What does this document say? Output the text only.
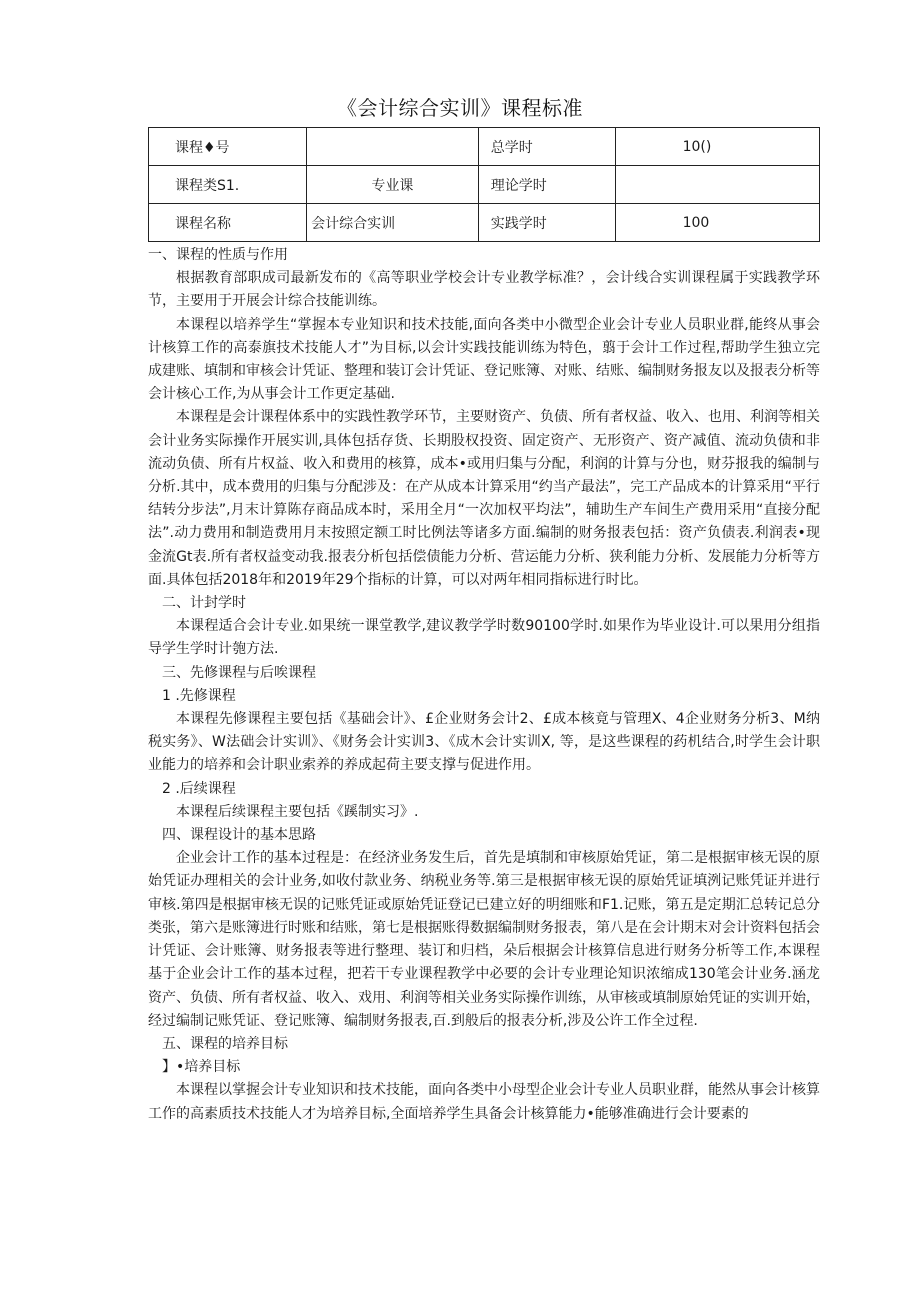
《会计综合实训》课程标准
课程♦号		总学时	10()
课程类S1.	专业课	理论学时	
课程名称	会计综合实训	实践学时	100

一、课程的性质与作用

根据教育部职成司最新发布的《高等职业学校会计专业教学标准？，会计线合实训课程属于实践教学环节，主要用于开展会计综合技能训练。

本课程以培养学生“掌握本专业知识和技术技能,面向各类中小微型企业会计专业人员职业群,能终从事会计核算工作的高泰旗技术技能人才”为目标,以会计实践技能训练为特色，翦于会计工作过程,帮助学生独立完成建账、填制和审核会计凭证、整理和装订会计凭证、登记账簿、对账、结账、编制财务报友以及报表分析等会计核心工作,为从事会计工作更定基础.

本课程是会计课程体系中的实践性教学环节，主要财资产、负债、所有者权益、收入、也用、利润等相关会计业务实际操作开展实训,具体包括存货、长期股权投资、固定资产、无形资产、资产减值、流动负债和非流动负债、所有片权益、收入和费用的核算，成本•或用归集与分配，利润的计算与分也，财芬报我的编制与分析.其中，成本费用的归集与分配涉及：在产从成本计算采用“约当产最法”，完工产品成本的计算采用“平行结转分步法”,月末计算陈存商品成本时，采用全月“一次加权平均法”，辅助生产车间生产费用采用“直接分配法”.动力费用和制造费用月末按照定额工时比例法等诸多方面.编制的财务报表包括：资产负债表.利润表•现金流Gt表.所有者权益变动我.报表分析包括偿债能力分析、营运能力分析、狭利能力分析、发展能力分析等方面.具体包括2018年和2019年29个指标的计算，可以对两年相同指标进行时比。

二、计封学时

本课程适合会计专业.如果统一课堂教学,建议教学学时数90100学时.如果作为毕业设计.可以果用分组指导学生学时计匏方法.

三、先修课程与后唉课程

1 .先修课程

本课程先修课程主要包括《基础会计》、£企业财务会计2、£成本核竟与管理X、4企业财务分析3、M纳税实务》、W法础会计实训》、《财务会计实训3、《成木会计实训X, 等，是这些课程的药机结合,时学生会计职业能力的培养和会计职业索养的养成起荷主要支撑与促进作用。

2 .后续课程

本课程后续课程主要包括《蹊制实习》.

四、课程设计的基本思路

企业会计工作的基本过程是：在经济业务发生后，首先是填制和审核原始凭证，第二是根据审核无误的原始凭证办理相关的会计业务,如收付款业务、纳税业务等.第三是根据审核无误的原始凭证填洌记账凭证并进行审核.第四是根据审核无误的记账凭证或原始凭证登记已建立好的明细账和F1.记账，第五是定期汇总转记总分类张，第六是账簿进行时账和结账，第七是根据账得数据编制财务报表，第八是在会计期末对会计资料包括会计凭证、会计账簿、财务报表等进行整理、装订和归档，朵后根据会计核算信息进行财务分析等工作,本课程基于企业会计工作的基本过程，把若干专业课程教学中必要的会计专业理论知识浓缩成130笔会计业务.涵龙资产、负债、所有者权益、收入、戏用、利润等相关业务实际操作训练，从审核或填制原始凭证的实训开始，经过编制记账凭证、登记账簿、编制财务报表,百.到般后的报表分析,涉及公许工作全过程.

五、课程的培养目标

】•培养目标

本课程以掌握会计专业知识和技术技能，面向各类中小母型企业会计专业人员职业群，能然从事会计核算工作的高素质技术技能人才为培养目标,全面培养学生具备会计核算能力•能够准确进行会计要素的
